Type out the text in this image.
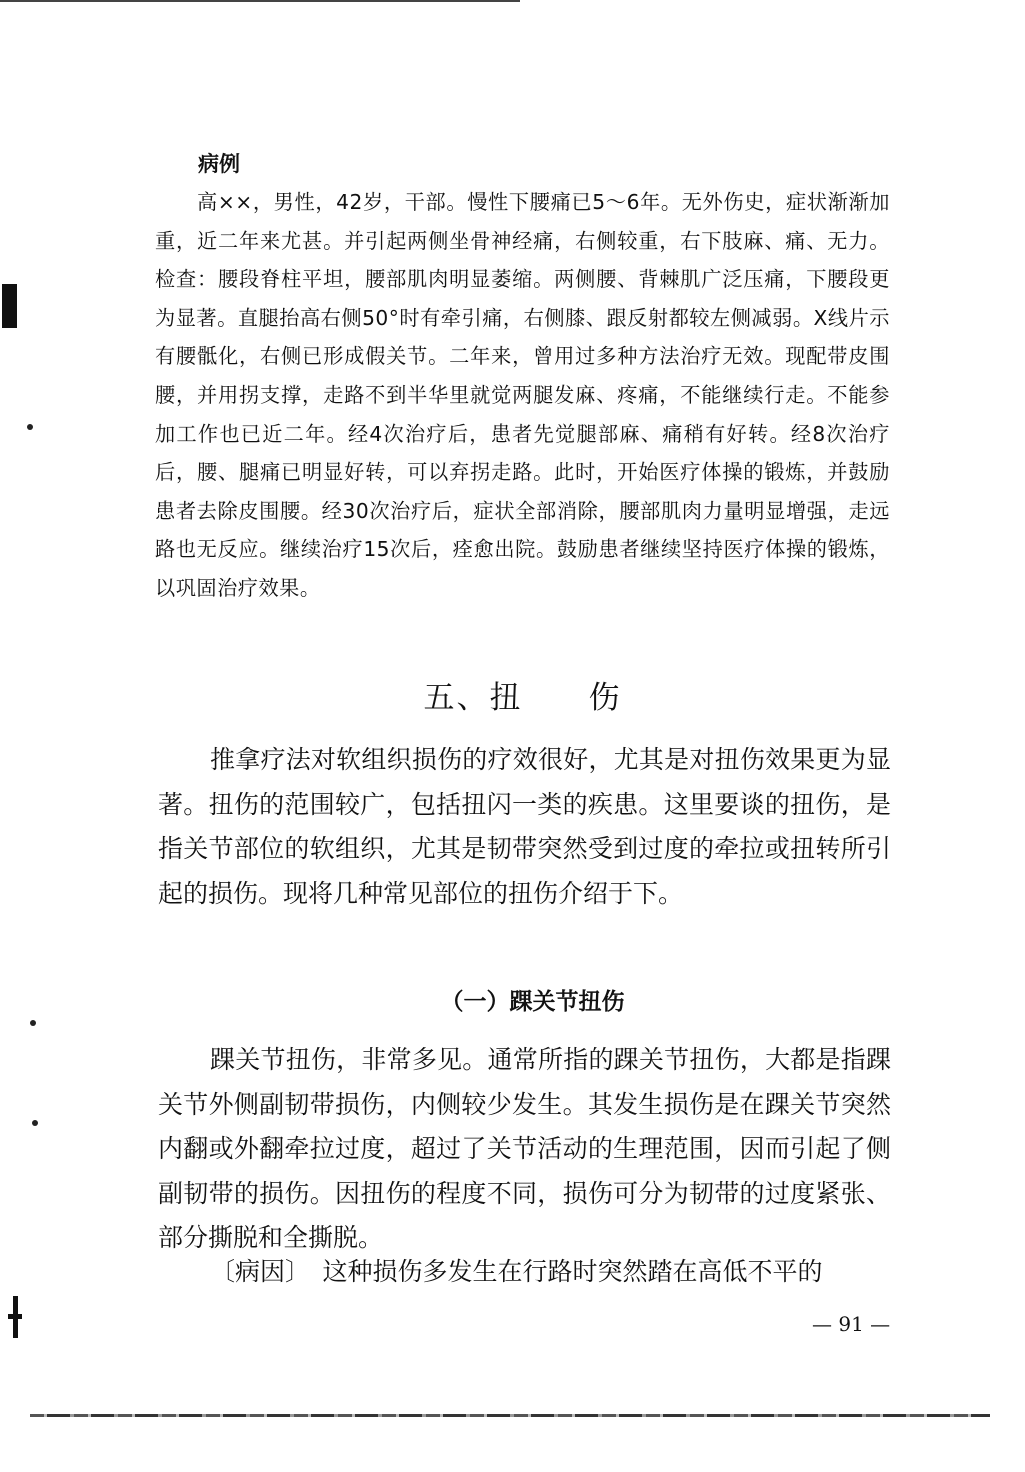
病例

高××，男性，42岁，干部。慢性下腰痛已5～6年。无外伤史，症状渐渐加重，近二年来尤甚。并引起两侧坐骨神经痛，右侧较重，右下肢麻、痛、无力。检查：腰段脊柱平坦，腰部肌肉明显萎缩。两侧腰、背棘肌广泛压痛，下腰段更为显著。直腿抬高右侧50°时有牵引痛，右侧膝、跟反射都较左侧减弱。X线片示有腰骶化，右侧已形成假关节。二年来，曾用过多种方法治疗无效。现配带皮围腰，并用拐支撑，走路不到半华里就觉两腿发麻、疼痛，不能继续行走。不能参加工作也已近二年。经4次治疗后，患者先觉腿部麻、痛稍有好转。经8次治疗后，腰、腿痛已明显好转，可以弃拐走路。此时，开始医疗体操的锻炼，并鼓励患者去除皮围腰。经30次治疗后，症状全部消除，腰部肌肉力量明显增强，走远路也无反应。继续治疗15次后，痊愈出院。鼓励患者继续坚持医疗体操的锻炼，以巩固治疗效果。

五、扭　　伤

推拿疗法对软组织损伤的疗效很好，尤其是对扭伤效果更为显著。扭伤的范围较广，包括扭闪一类的疾患。这里要谈的扭伤，是指关节部位的软组织，尤其是韧带突然受到过度的牵拉或扭转所引起的损伤。现将几种常见部位的扭伤介绍于下。

（一）踝关节扭伤

踝关节扭伤，非常多见。通常所指的踝关节扭伤，大都是指踝关节外侧副韧带损伤，内侧较少发生。其发生损伤是在踝关节突然内翻或外翻牵拉过度，超过了关节活动的生理范围，因而引起了侧副韧带的损伤。因扭伤的程度不同，损伤可分为韧带的过度紧张、部分撕脱和全撕脱。

〔病因〕　这种损伤多发生在行路时突然踏在高低不平的

— 91 —
